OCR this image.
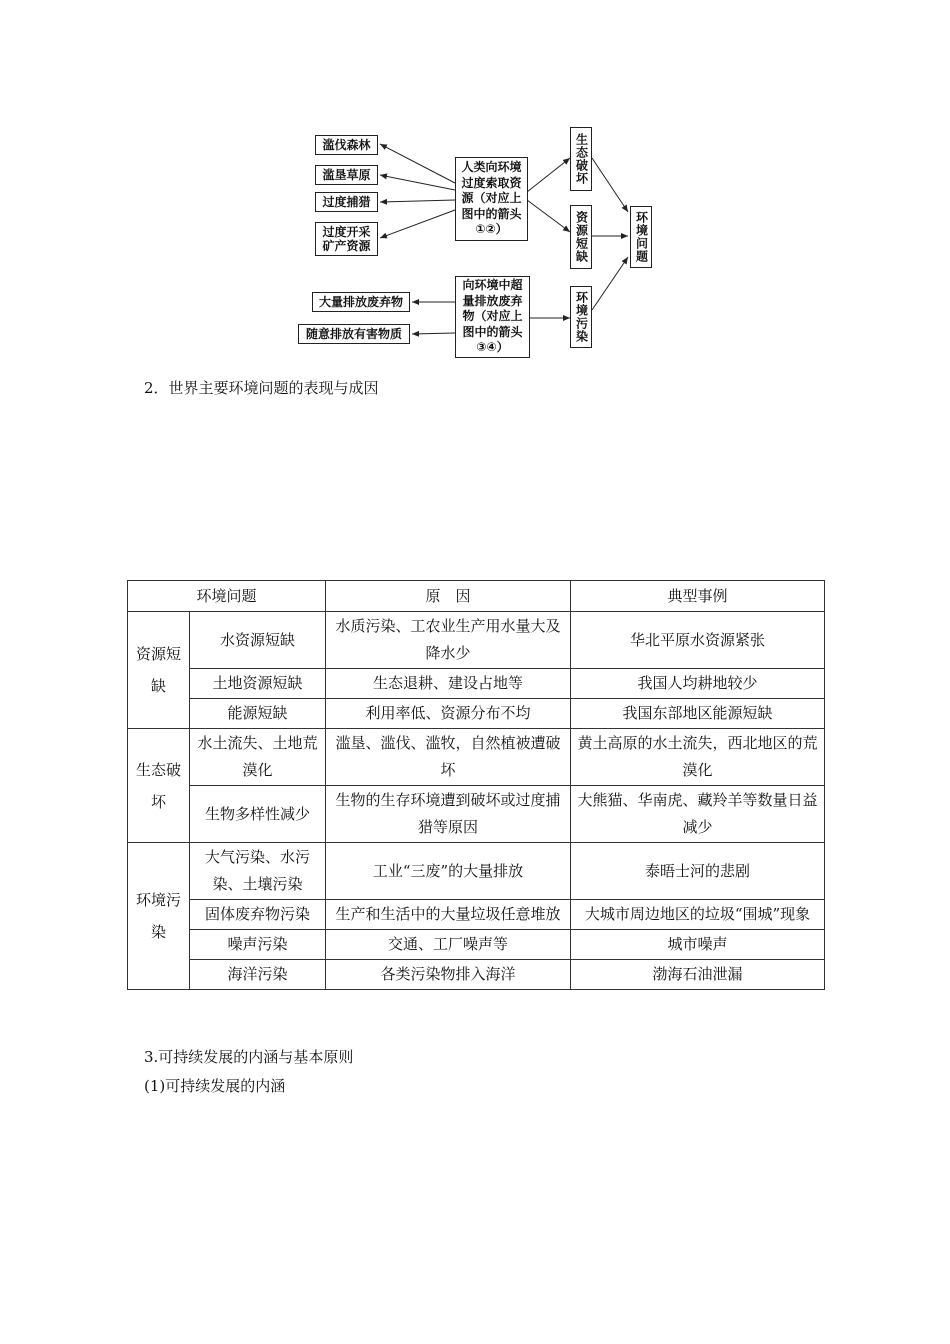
滥伐森林
滥垦草原
过度捕猎
过度开采矿产资源
人类向环境过度索取资源（对应上图中的箭头①②）
大量排放废弃物
随意排放有害物质
向环境中超量排放废弃物（对应上图中的箭头③④）
生态破坏
资源短缺
环境污染
环境问题
2．世界主要环境问题的表现与成因
环境问题		原　因	典型事例
资源短缺	水资源短缺	水质污染、工农业生产用水量大及降水少	华北平原水资源紧张
	土地资源短缺	生态退耕、建设占地等	我国人均耕地较少
	能源短缺	利用率低、资源分布不均	我国东部地区能源短缺
生态破坏	水土流失、土地荒漠化	滥垦、滥伐、滥牧，自然植被遭破坏	黄土高原的水土流失，西北地区的荒漠化
	生物多样性减少	生物的生存环境遭到破坏或过度捕猎等原因	大熊猫、华南虎、藏羚羊等数量日益减少
环境污染	大气污染、水污染、土壤污染	工业“三废”的大量排放	泰晤士河的悲剧
	固体废弃物污染	生产和生活中的大量垃圾任意堆放	大城市周边地区的垃圾“围城”现象
	噪声污染	交通、工厂噪声等	城市噪声
	海洋污染	各类污染物排入海洋	渤海石油泄漏
3.可持续发展的内涵与基本原则
(1)可持续发展的内涵
